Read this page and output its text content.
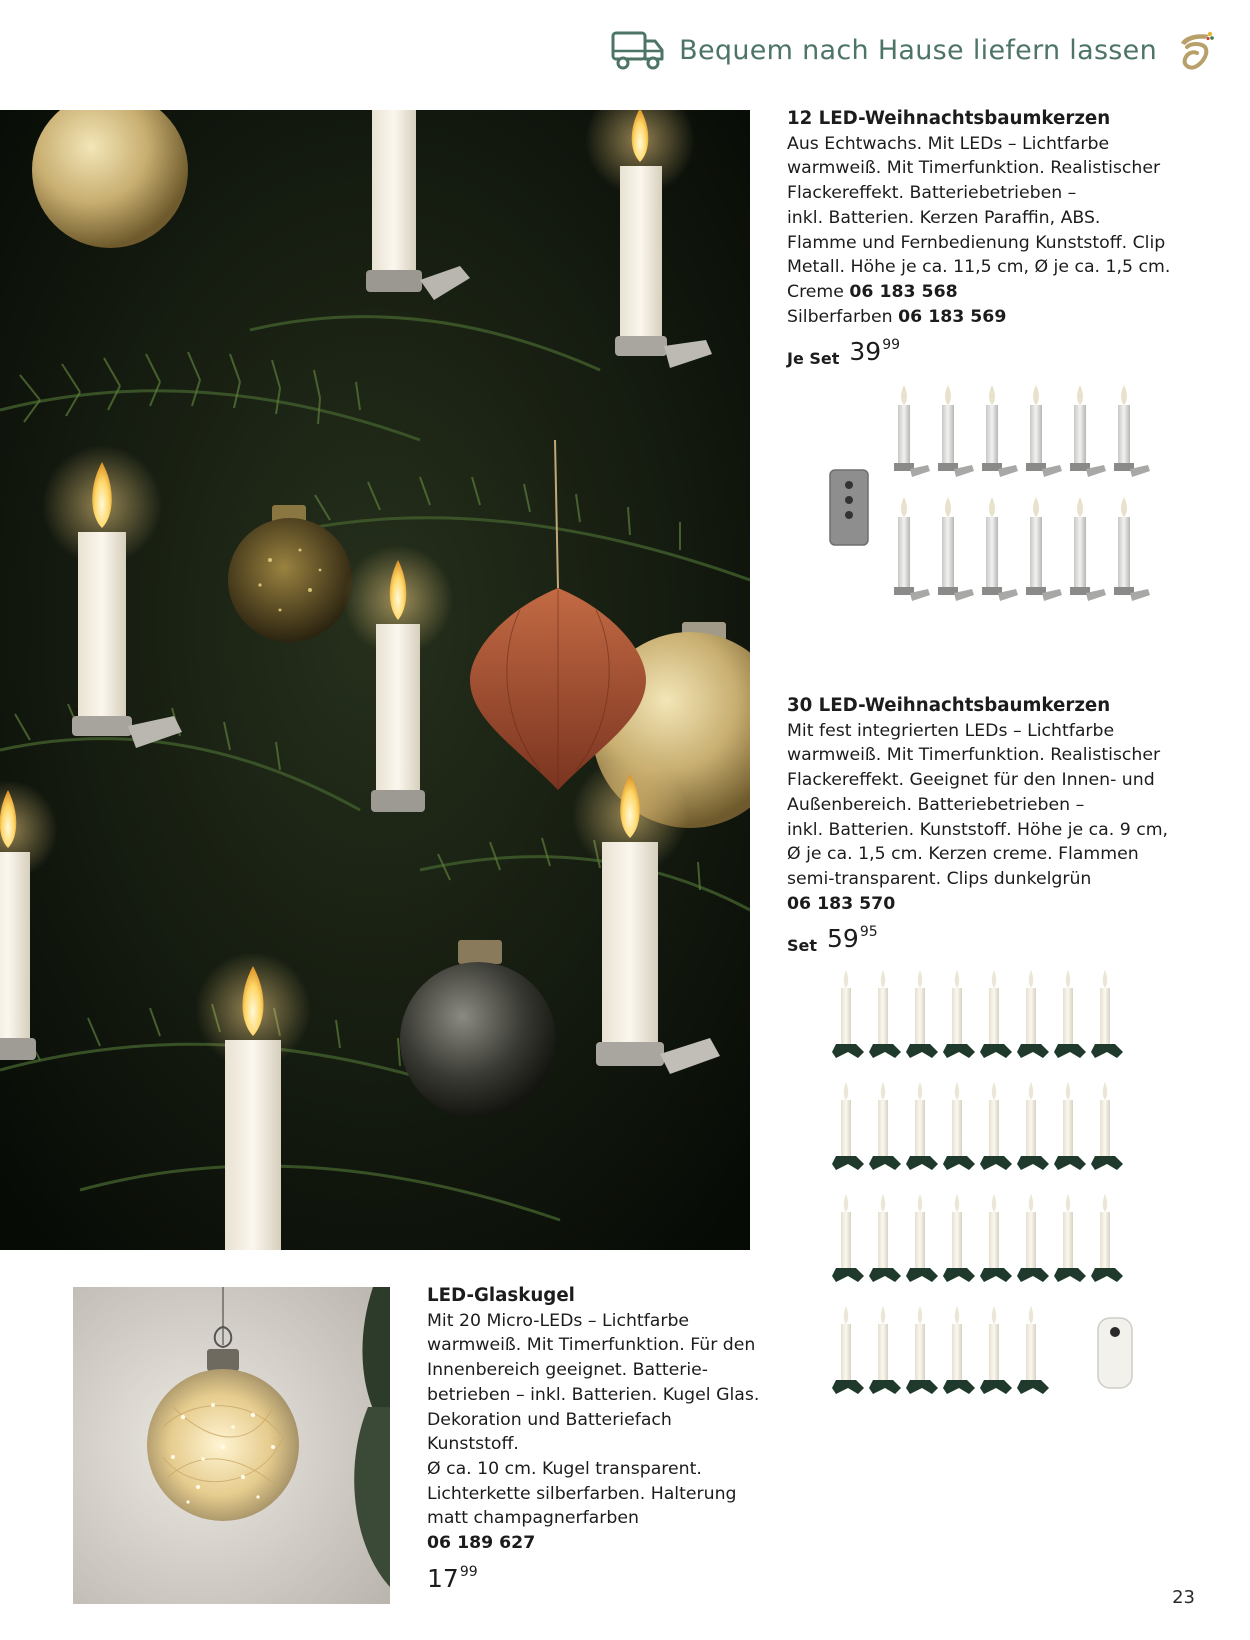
Bequem nach Hause liefern lassen
12 LED-Weihnachtsbaumkerzen
Aus Echtwachs. Mit LEDs – Lichtfarbe
warmweiß. Mit Timerfunktion. Realistischer
Flackereffekt. Batteriebetrieben –
inkl. Batterien. Kerzen Paraffin, ABS.
Flamme und Fernbedienung Kunststoff. Clip
Metall. Höhe je ca. 11,5 cm, Ø je ca. 1,5 cm.
Creme 06 183 568
Silberfarben 06 183 569
Je Set 39 99
30 LED-Weihnachtsbaumkerzen
Mit fest integrierten LEDs – Lichtfarbe
warmweiß. Mit Timerfunktion. Realistischer
Flackereffekt. Geeignet für den Innen- und
Außenbereich. Batteriebetrieben –
inkl. Batterien. Kunststoff. Höhe je ca. 9 cm,
Ø je ca. 1,5 cm. Kerzen creme. Flammen
semi-transparent. Clips dunkelgrün
06 183 570
Set 59 95
LED-Glaskugel
Mit 20 Micro-LEDs – Lichtfarbe
warmweiß. Mit Timerfunktion. Für den
Innenbereich geeignet. Batterie-
betrieben – inkl. Batterien. Kugel Glas.
Dekoration und Batteriefach Kunststoff.
Ø ca. 10 cm. Kugel transparent.
Lichterkette silberfarben. Halterung
matt champagnerfarben
06 189 627
17 99
23
